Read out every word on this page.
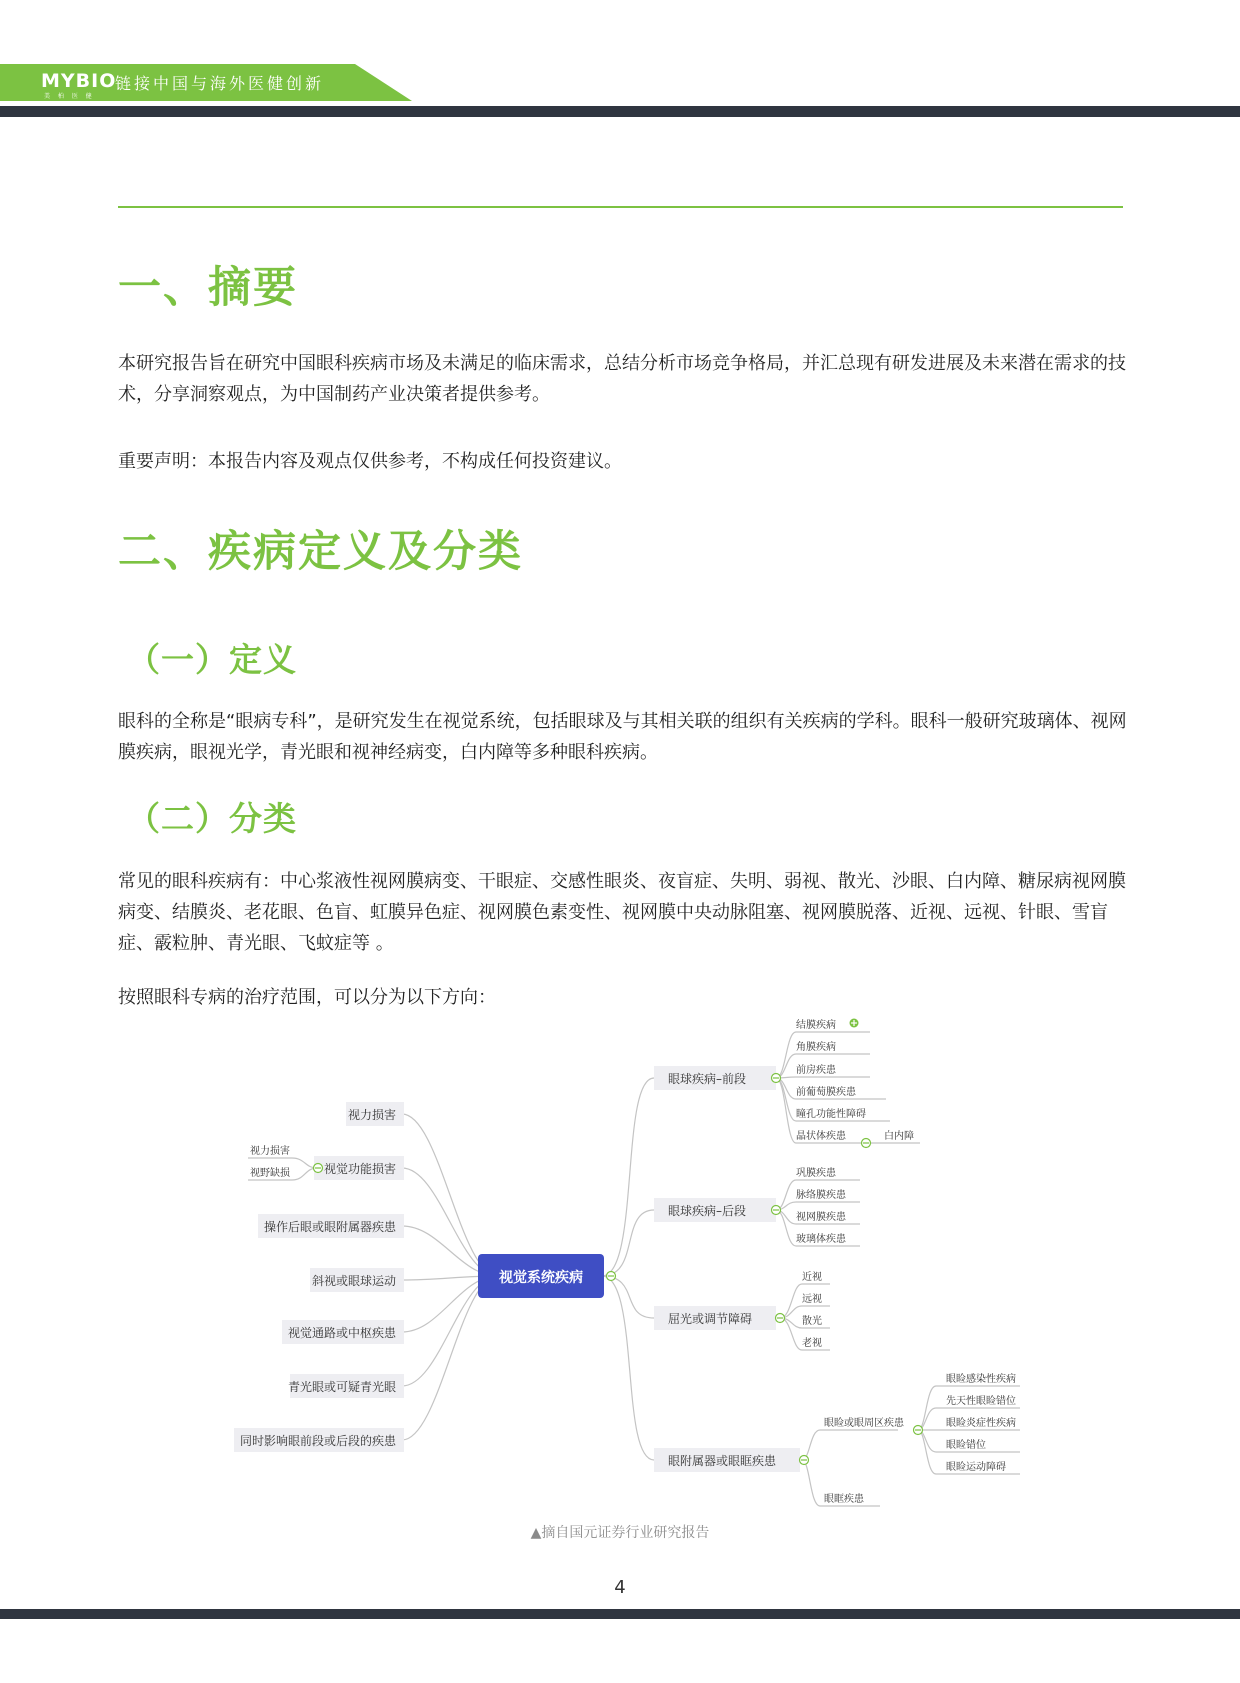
MYBIO
美 柏 医 健
链接中国与海外医健创新
一、摘要

本研究报告旨在研究中国眼科疾病市场及未满足的临床需求，总结分析市场竞争格局，并汇总现有研发进展及未来潜在需求的技术，分享洞察观点，为中国制药产业决策者提供参考。

重要声明：本报告内容及观点仅供参考，不构成任何投资建议。

二、疾病定义及分类
（一）定义

眼科的全称是“眼病专科”，是研究发生在视觉系统，包括眼球及与其相关联的组织有关疾病的学科。眼科一般研究玻璃体、视网膜疾病，眼视光学，青光眼和视神经病变，白内障等多种眼科疾病。

（二）分类

常见的眼科疾病有：中心浆液性视网膜病变、干眼症、交感性眼炎、夜盲症、失明、弱视、散光、沙眼、白内障、糖尿病视网膜病变、结膜炎、老花眼、色盲、虹膜异色症、视网膜色素变性、视网膜中央动脉阻塞、视网膜脱落、近视、远视、针眼、雪盲症、霰粒肿、青光眼、飞蚊症等 。

按照眼科专病的治疗范围，可以分为以下方向：

视觉系统疾病
视力损害
视觉功能损害
操作后眼或眼附属器疾患
斜视或眼球运动
视觉通路或中枢疾患
青光眼或可疑青光眼
同时影响眼前段或后段的疾患
视力损害
视野缺损
眼球疾病–前段
眼球疾病–后段
屈光或调节障碍
眼附属器或眼眶疾患
结膜疾病
角膜疾病
前房疾患
前葡萄膜疾患
瞳孔功能性障碍
晶状体疾患	白内障
巩膜疾患
脉络膜疾患
视网膜疾患
玻璃体疾患
近视
远视
散光
老视
眼睑或眼周区疾患
眼眶疾患
眼睑感染性疾病
先天性眼睑错位
眼睑炎症性疾病
眼睑错位
眼睑运动障碍
▲摘自国元证券行业研究报告
4
